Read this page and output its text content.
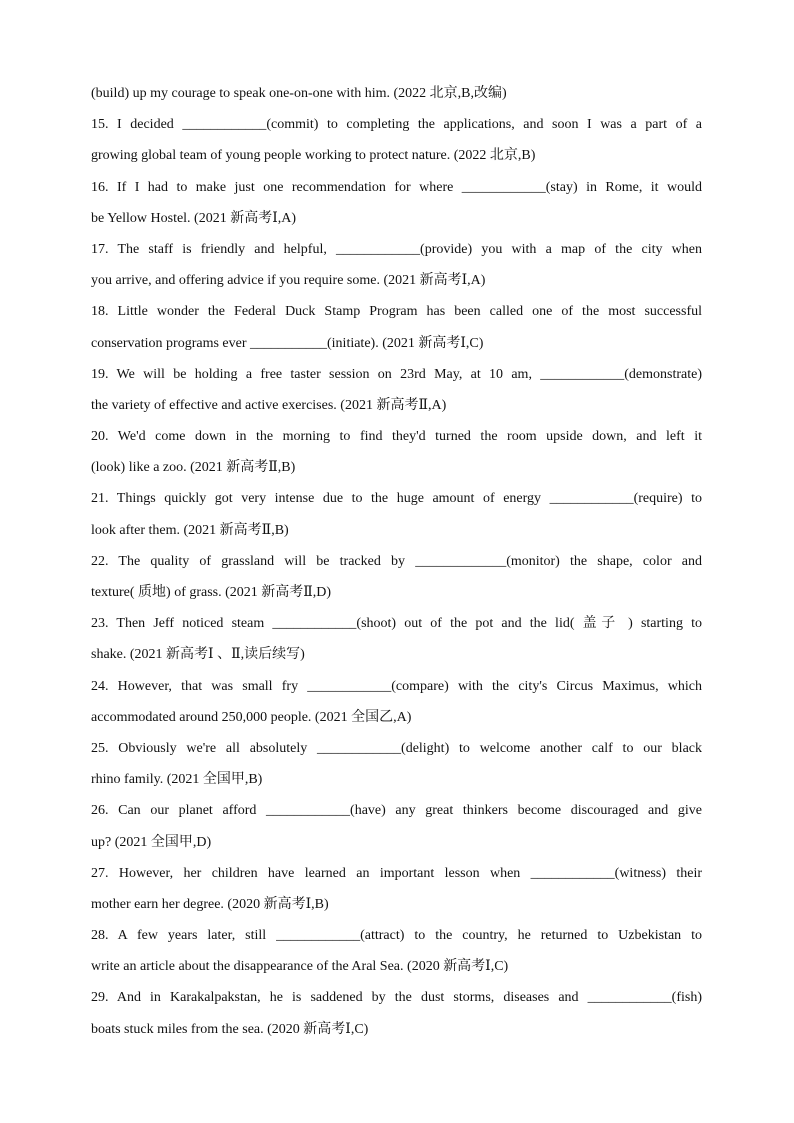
(build) up my courage to speak one-on-one with him. (2022 北京,B,改编)
15. I decided ____________(commit) to completing the applications, and soon I was a part of a
growing global team of young people working to protect nature. (2022 北京,B)
16. If I had to make just one recommendation for where ____________(stay) in Rome, it would
be Yellow Hostel. (2021 新高考Ⅰ,A)
17. The staff is friendly and helpful, ____________(provide) you with a map of the city when
you arrive, and offering advice if you require some. (2021 新高考Ⅰ,A)
18. Little wonder the Federal Duck Stamp Program has been called one of the most successful
conservation programs ever ___________(initiate). (2021 新高考Ⅰ,C)
19. We will be holding a free taster session on 23rd May, at 10 am, ____________(demonstrate)
the variety of effective and active exercises. (2021 新高考Ⅱ,A)
20. We'd come down in the morning to find they'd turned the room upside down, and left it
(look) like a zoo. (2021 新高考Ⅱ,B)
21. Things quickly got very intense due to the huge amount of energy ____________(require) to
look after them. (2021 新高考Ⅱ,B)
22. The quality of grassland will be tracked by _____________(monitor) the shape, color and
texture( 质地) of grass. (2021 新高考Ⅱ,D)
23. Then Jeff noticed steam ____________(shoot) out of the pot and the lid( 盖子 ) starting to
shake. (2021 新高考Ⅰ 、Ⅱ,读后续写)
24. However, that was small fry ____________(compare) with the city's Circus Maximus, which
accommodated around 250,000 people. (2021 全国乙,A)
25. Obviously we're all absolutely ____________(delight) to welcome another calf to our black
rhino family. (2021 全国甲,B)
26. Can our planet afford ____________(have) any great thinkers become discouraged and give
up? (2021 全国甲,D)
27. However, her children have learned an important lesson when ____________(witness) their
mother earn her degree. (2020 新高考Ⅰ,B)
28. A few years later, still ____________(attract) to the country, he returned to Uzbekistan to
write an article about the disappearance of the Aral Sea. (2020 新高考Ⅰ,C)
29. And in Karakalpakstan, he is saddened by the dust storms, diseases and ____________(fish)
boats stuck miles from the sea. (2020 新高考Ⅰ,C)
